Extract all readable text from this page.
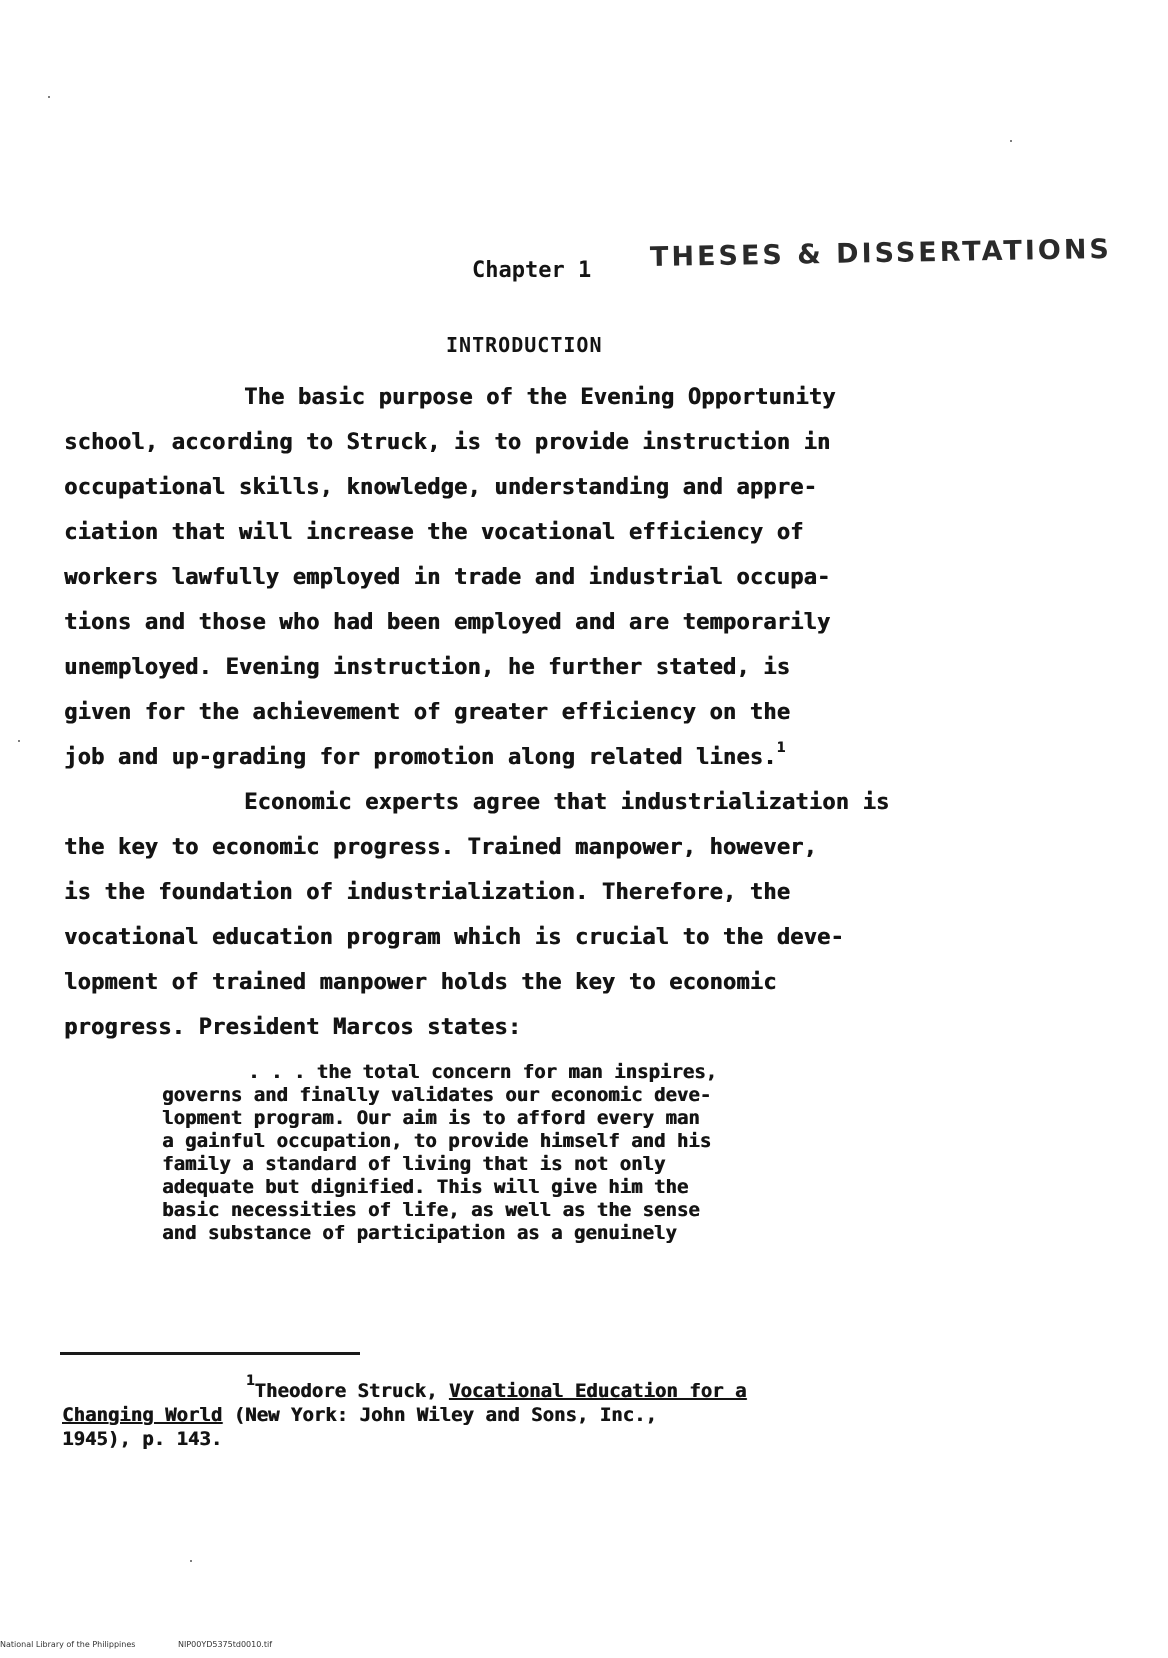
THESES & DISSERTATIONS
Chapter 1
INTRODUCTION
The basic purpose of the Evening Opportunity
school, according to Struck, is to provide instruction in
occupational skills, knowledge, understanding and appre-
ciation that will increase the vocational efficiency of
workers lawfully employed in trade and industrial occupa-
tions and those who had been employed and are temporarily
unemployed. Evening instruction, he further stated, is
given for the achievement of greater efficiency on the
job and up-grading for promotion along related lines.$^1$
Economic experts agree that industrialization is
the key to economic progress. Trained manpower, however,
is the foundation of industrialization. Therefore, the
vocational education program which is crucial to the deve-
lopment of trained manpower holds the key to economic
progress. President Marcos states:
. . . the total concern for man inspires,
governs and finally validates our economic deve-
lopment program. Our aim is to afford every man
a gainful occupation, to provide himself and his
family a standard of living that is not only
adequate but dignified. This will give him the
basic necessities of life, as well as the sense
and substance of participation as a genuinely
$^1$Theodore Struck, Vocational Education for a
Changing World (New York: John Wiley and Sons, Inc.,
1945), p. 143.
National Library of the Philippines	NIP00YD5375td0010.tif
